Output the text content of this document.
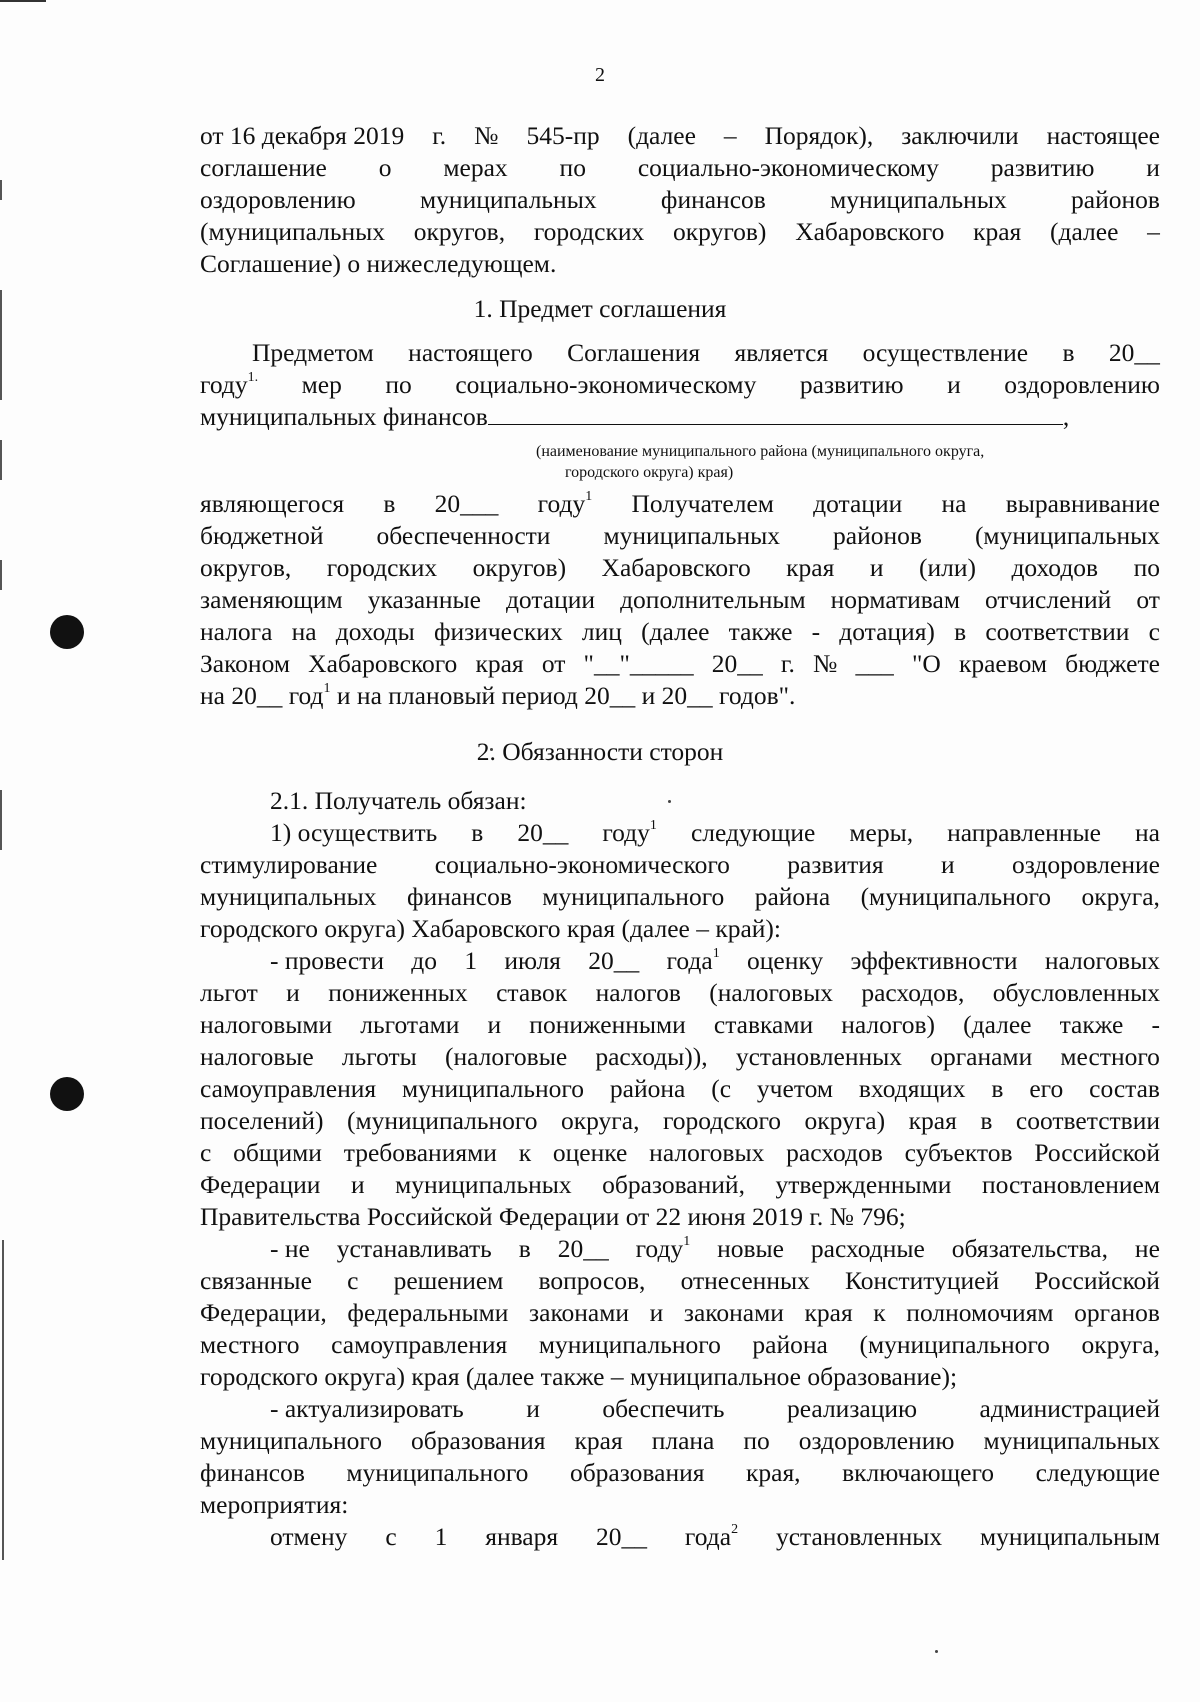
2
от 16 декабря 2019 г. № 545-пр (далее – Порядок), заключили настоящее
соглашение о мерах по социально-экономическому развитию и
оздоровлению	муниципальных	финансов	муниципальных	районов
(муниципальных округов, городских округов) Хабаровского края (далее –
Соглашение) о нижеследующем.
1. Предмет соглашения
Предметом настоящего Соглашения является осуществление в 20__
году$^{1.}$ мер по социально-экономическому развитию и оздоровлению
муниципальных финансов	,
(наименование муниципального района (муниципального округа,
городского округа) края)
являющегося в 20___ году$^1$ Получателем дотации на выравнивание
бюджетной обеспеченности муниципальных районов (муниципальных
округов, городских округов) Хабаровского края и (или) доходов по
заменяющим указанные дотации дополнительным нормативам отчислений от
налога на доходы физических лиц (далее также - дотация) в соответствии с
Законом Хабаровского края от "__"_____ 20__ г. № ___ "О краевом бюджете
на 20__ год$^1$ и на плановый период 20__ и 20__ годов".
2. Обязанности сторон
2.1. Получатель обязан:
1) осуществить в 20__ году$^1$ следующие меры, направленные на
стимулирование социально-экономического развития и оздоровление
муниципальных финансов муниципального района (муниципального округа,
городского округа) Хабаровского края (далее – край):
- провести до 1 июля 20__ года$^1$ оценку эффективности налоговых
льгот и пониженных ставок налогов (налоговых расходов, обусловленных
налоговыми льготами и пониженными ставками налогов) (далее также -
налоговые льготы (налоговые расходы)), установленных органами местного
самоуправления муниципального района (с учетом входящих в его состав
поселений) (муниципального округа, городского округа) края в соответствии
с общими требованиями к оценке налоговых расходов субъектов Российской
Федерации и муниципальных образований, утвержденными постановлением
Правительства Российской Федерации от 22 июня 2019 г. № 796;
- не устанавливать в 20__ году$^1$ новые расходные обязательства, не
связанные с решением вопросов, отнесенных Конституцией Российской
Федерации, федеральными законами и законами края к полномочиям органов
местного самоуправления муниципального района (муниципального округа,
городского округа) края (далее также – муниципальное образование);
- актуализировать и обеспечить реализацию администрацией
муниципального образования края плана по оздоровлению муниципальных
финансов муниципального образования края, включающего следующие
мероприятия:
отмену с 1 января 20__ года$^2$ установленных муниципальным
